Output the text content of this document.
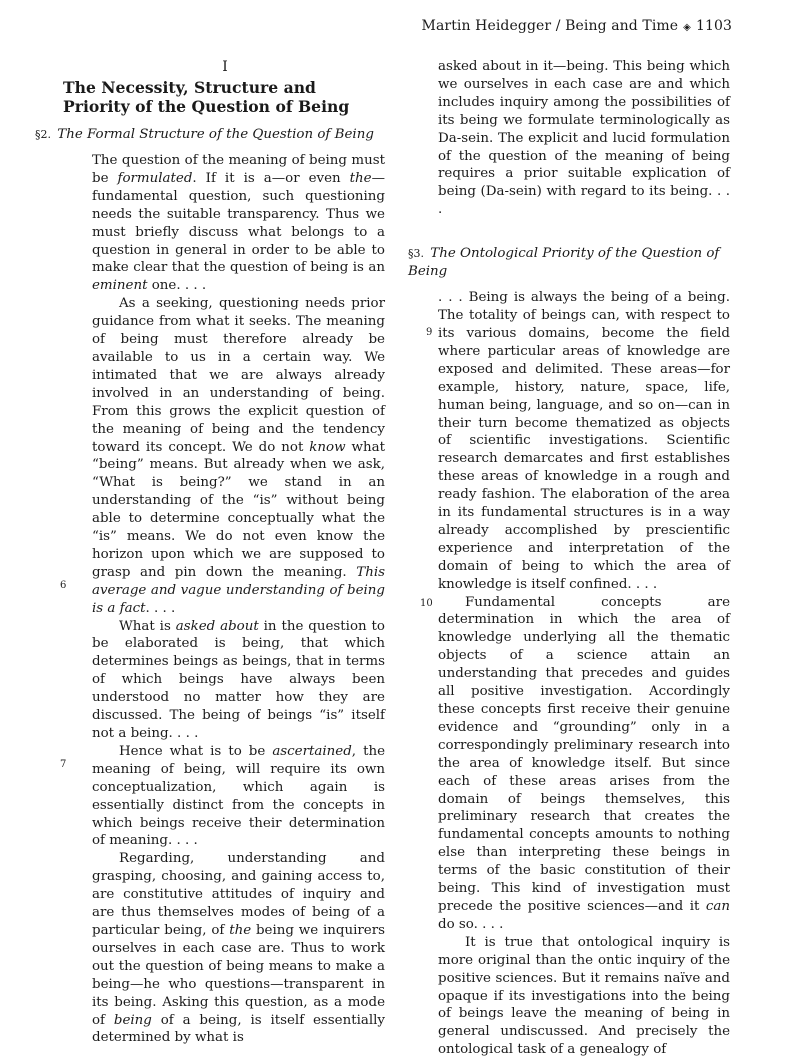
Martin Heidegger / Being and Time ◈ 1103
I
The Necessity, Structure and Priority of the Question of Being
§2. The Formal Structure of the Question of Being

The question of the meaning of being must be formulated. If it is a—or even the—fundamental question, such questioning needs the suitable transparency. Thus we must briefly discuss what belongs to a question in general in order to be able to make clear that the question of being is an eminent one. . . .

As a seeking, questioning needs prior guidance from what it seeks. The meaning of being must therefore already be available to us in a certain way. We intimated that we are always already involved in an understanding of being. From this grows the explicit question of the meaning of being and the tendency toward its concept. We do not know what “being” means. But already when we ask, “What is being?” we stand in an understanding of the “is” without being able to determine conceptually what the “is” means. We do not even know the horizon upon which we are supposed to grasp and pin down the meaning. This average and vague understanding of being is a fact. . . .

What is asked about in the question to be elaborated is being, that which determines beings as beings, that in terms of which beings have always been understood no matter how they are discussed. The being of beings “is” itself not a being. . . .

Hence what is to be ascertained, the meaning of being, will require its own conceptualization, which again is essentially distinct from the concepts in which beings receive their determination of meaning. . . .

Regarding, understanding and grasping, choosing, and gaining access to, are constitutive attitudes of inquiry and are thus themselves modes of being of a particular being, of the being we inquirers ourselves in each case are. Thus to work out the question of being means to make a being—he who questions—transparent in its being. Asking this question, as a mode of being of a being, is itself essentially determined by what is

6
7

asked about in it—being. This being which we ourselves in each case are and which includes inquiry among the possibilities of its being we formulate terminologically as Da-sein. The explicit and lucid formulation of the question of the meaning of being requires a prior suitable explication of being (Da-sein) with regard to its being. . . .

§3. The Ontological Priority of the Question of Being

. . . Being is always the being of a being. The totality of beings can, with respect to its various domains, become the field where particular areas of knowledge are exposed and delimited. These areas—for example, history, nature, space, life, human being, language, and so on—can in their turn become thematized as objects of scientific investigations. Scientific research demarcates and first establishes these areas of knowledge in a rough and ready fashion. The elaboration of the area in its fundamental structures is in a way already accomplished by prescientific experience and interpretation of the domain of being to which the area of knowledge is itself confined. . . .

Fundamental concepts are determination in which the area of knowledge underlying all the thematic objects of a science attain an understanding that precedes and guides all positive investigation. Accordingly these concepts first receive their genuine evidence and “grounding” only in a correspondingly preliminary research into the area of knowledge itself. But since each of these areas arises from the domain of beings themselves, this preliminary research that creates the fundamental concepts amounts to nothing else than interpreting these beings in terms of the basic constitution of their being. This kind of investigation must precede the positive sciences—and it can do so. . . .

It is true that ontological inquiry is more original than the ontic inquiry of the positive sciences. But it remains naïve and opaque if its investigations into the being of beings leave the meaning of being in general undiscussed. And precisely the ontological task of a genealogy of

9
10
